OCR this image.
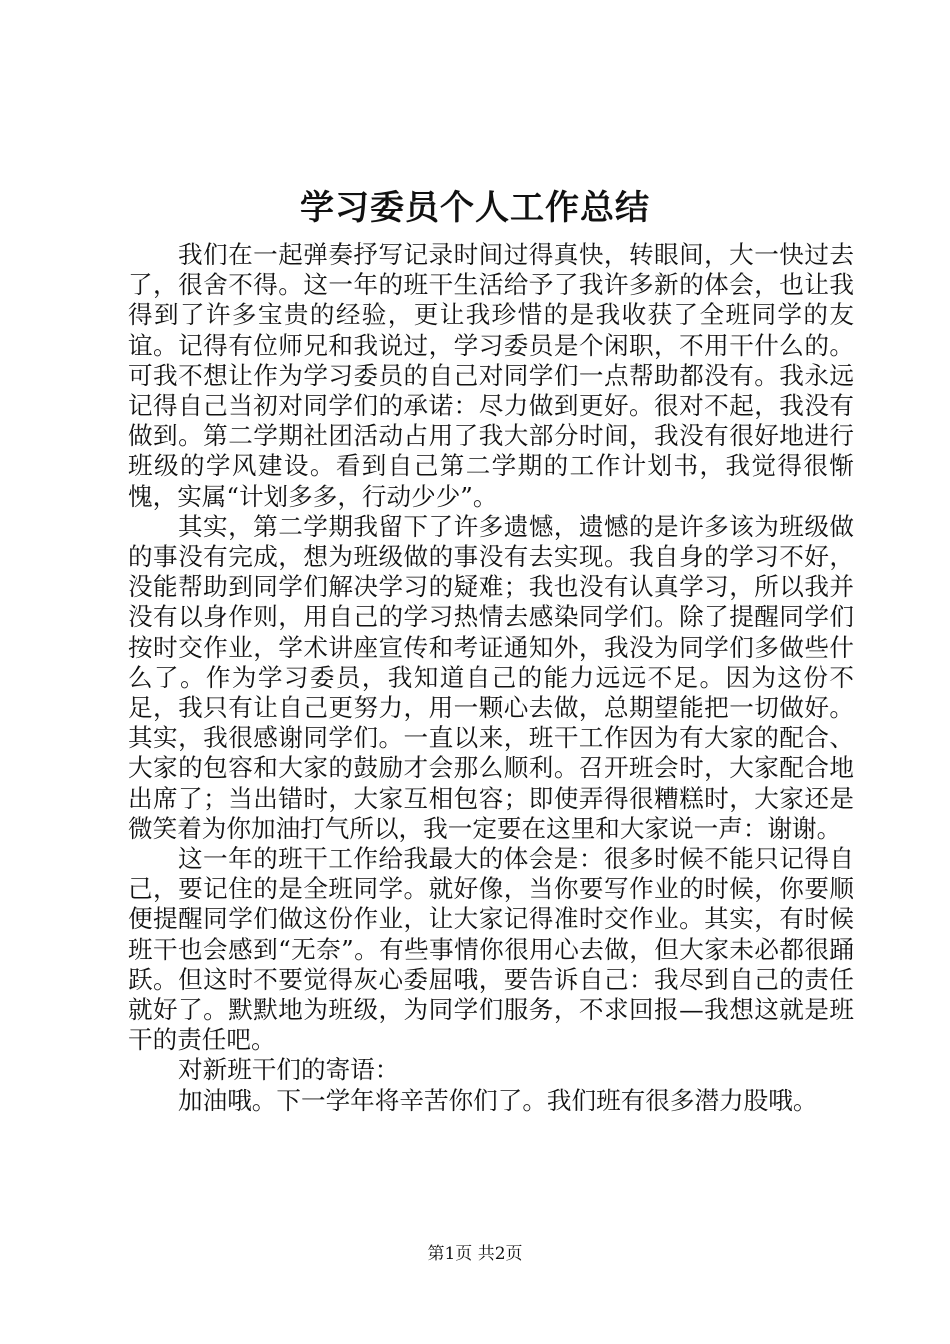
学习委员个人工作总结

我们在一起弹奏抒写记录时间过得真快，转眼间，大一快过去了，很舍不得。这一年的班干生活给予了我许多新的体会，也让我得到了许多宝贵的经验，更让我珍惜的是我收获了全班同学的友谊。记得有位师兄和我说过，学习委员是个闲职，不用干什么的。可我不想让作为学习委员的自己对同学们一点帮助都没有。我永远记得自己当初对同学们的承诺：尽力做到更好。很对不起，我没有做到。第二学期社团活动占用了我大部分时间，我没有很好地进行班级的学风建设。看到自己第二学期的工作计划书，我觉得很惭愧，实属“计划多多，行动少少”。

其实，第二学期我留下了许多遗憾，遗憾的是许多该为班级做的事没有完成，想为班级做的事没有去实现。我自身的学习不好，没能帮助到同学们解决学习的疑难；我也没有认真学习，所以我并没有以身作则，用自己的学习热情去感染同学们。除了提醒同学们按时交作业，学术讲座宣传和考证通知外，我没为同学们多做些什么了。作为学习委员，我知道自己的能力远远不足。因为这份不足，我只有让自己更努力，用一颗心去做，总期望能把一切做好。其实，我很感谢同学们。一直以来，班干工作因为有大家的配合、大家的包容和大家的鼓励才会那么顺利。召开班会时，大家配合地出席了；当出错时，大家互相包容；即使弄得很糟糕时，大家还是微笑着为你加油打气所以，我一定要在这里和大家说一声：谢谢。

这一年的班干工作给我最大的体会是：很多时候不能只记得自己，要记住的是全班同学。就好像，当你要写作业的时候，你要顺便提醒同学们做这份作业，让大家记得准时交作业。其实，有时候班干也会感到“无奈”。有些事情你很用心去做，但大家未必都很踊跃。但这时不要觉得灰心委屈哦，要告诉自己：我尽到自己的责任就好了。默默地为班级，为同学们服务，不求回报—我想这就是班干的责任吧。

对新班干们的寄语：

加油哦。下一学年将辛苦你们了。我们班有很多潜力股哦。

第1页 共2页
